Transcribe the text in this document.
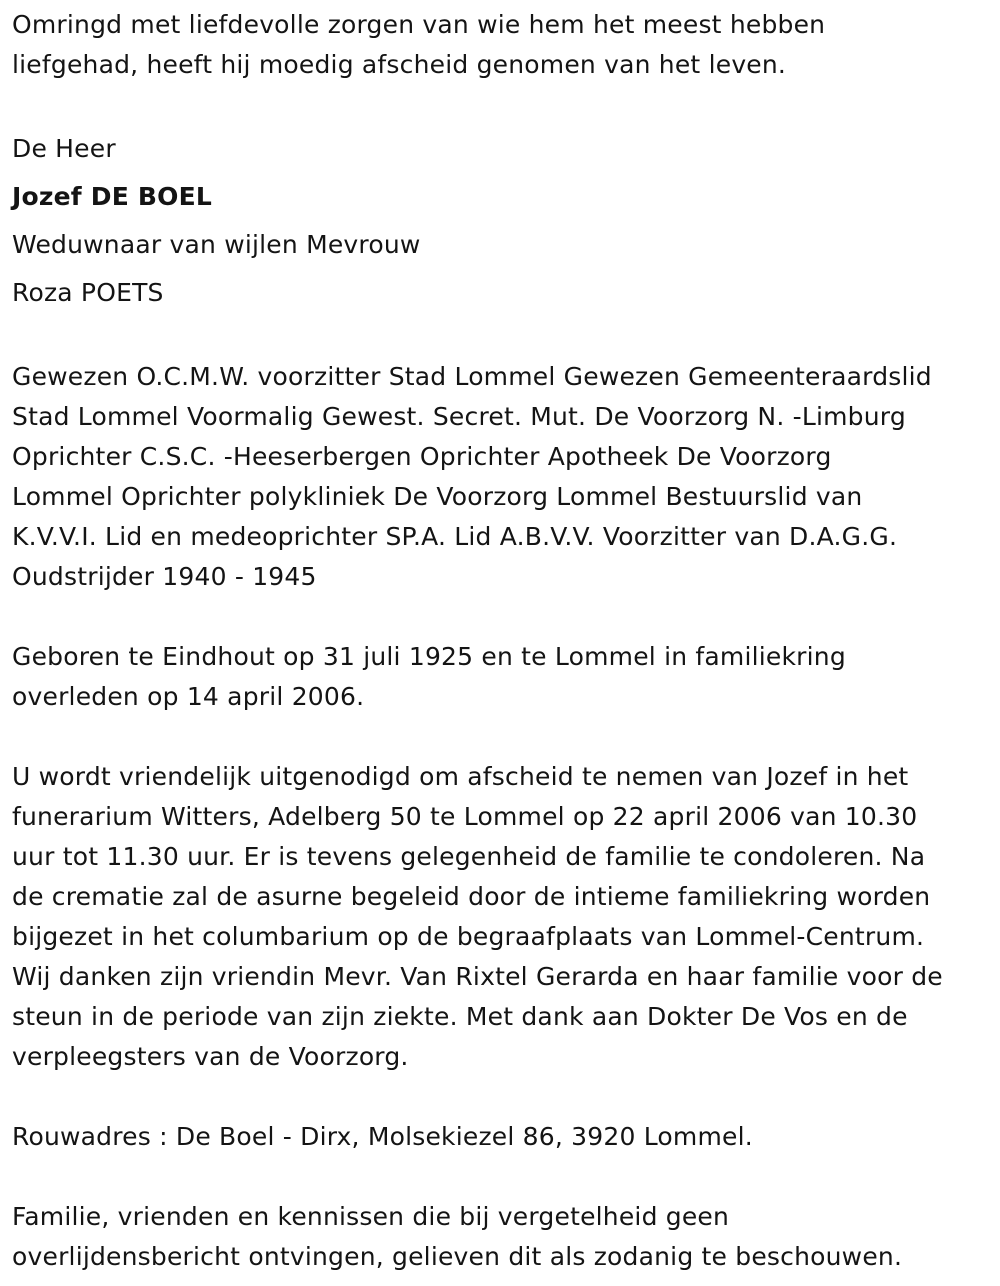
Omringd met liefdevolle zorgen van wie hem het meest hebben
liefgehad, heeft hij moedig afscheid genomen van het leven.
De Heer
Jozef DE BOEL
Weduwnaar van wijlen Mevrouw
Roza POETS
Gewezen O.C.M.W. voorzitter Stad Lommel Gewezen Gemeenteraardslid
Stad Lommel Voormalig Gewest. Secret. Mut. De Voorzorg N. -Limburg
Oprichter C.S.C. -Heeserbergen Oprichter Apotheek De Voorzorg
Lommel Oprichter polykliniek De Voorzorg Lommel Bestuurslid van
K.V.V.I. Lid en medeoprichter SP.A. Lid A.B.V.V. Voorzitter van D.A.G.G.
Oudstrijder 1940 - 1945
Geboren te Eindhout op 31 juli 1925 en te Lommel in familiekring
overleden op 14 april 2006.
U wordt vriendelijk uitgenodigd om afscheid te nemen van Jozef in het
funerarium Witters, Adelberg 50 te Lommel op 22 april 2006 van 10.30
uur tot 11.30 uur. Er is tevens gelegenheid de familie te condoleren. Na
de crematie zal de asurne begeleid door de intieme familiekring worden
bijgezet in het columbarium op de begraafplaats van Lommel-Centrum.
Wij danken zijn vriendin Mevr. Van Rixtel Gerarda en haar familie voor de
steun in de periode van zijn ziekte. Met dank aan Dokter De Vos en de
verpleegsters van de Voorzorg.
Rouwadres : De Boel - Dirx, Molsekiezel 86, 3920 Lommel.
Familie, vrienden en kennissen die bij vergetelheid geen
overlijdensbericht ontvingen, gelieven dit als zodanig te beschouwen.
